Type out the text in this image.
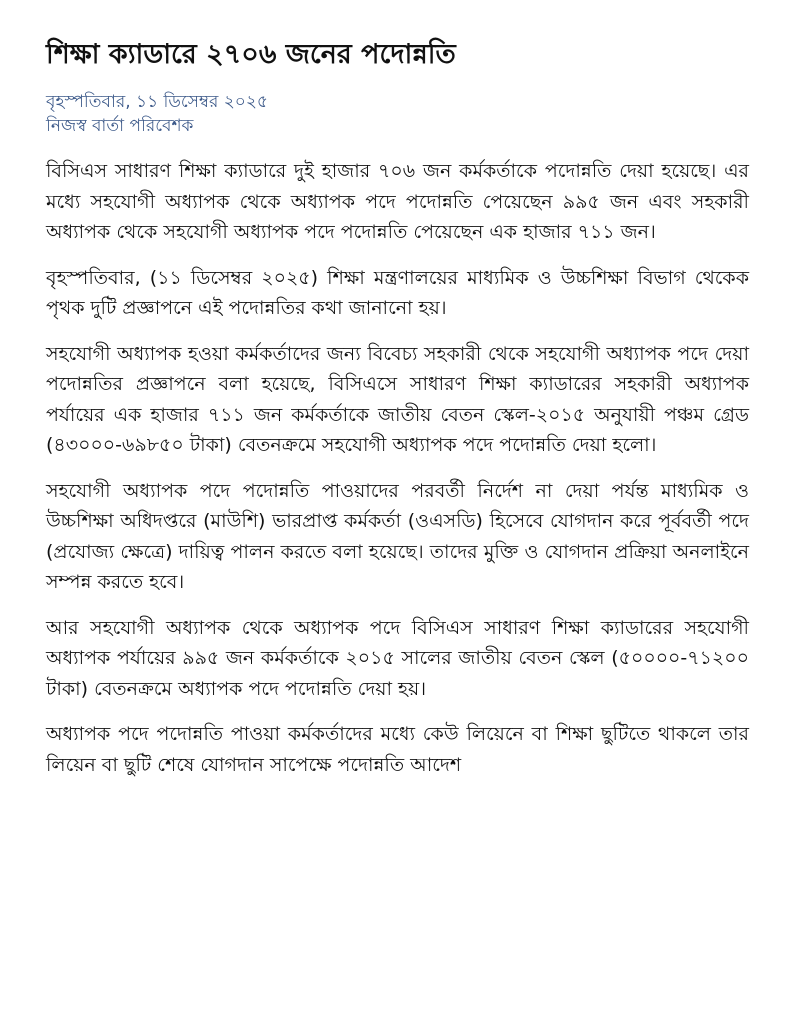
শিক্ষা ক্যাডারে ২৭০৬ জনের পদোন্নতি
বৃহস্পতিবার, ১১ ডিসেম্বর ২০২৫
নিজস্ব বার্তা পরিবেশক

বিসিএস সাধারণ শিক্ষা ক্যাডারে দুই হাজার ৭০৬ জন কর্মকর্তাকে পদোন্নতি দেয়া হয়েছে। এর মধ্যে সহযোগী অধ্যাপক থেকে অধ্যাপক পদে পদোন্নতি পেয়েছেন ৯৯৫ জন এবং সহকারী অধ্যাপক থেকে সহযোগী অধ্যাপক পদে পদোন্নতি পেয়েছেন এক হাজার ৭১১ জন।

বৃহস্পতিবার, (১১ ডিসেম্বর ২০২৫) শিক্ষা মন্ত্রণালয়ের মাধ্যমিক ও উচ্চশিক্ষা বিভাগ থেকেক পৃথক দুটি প্রজ্ঞাপনে এই পদোন্নতির কথা জানানো হয়।

সহযোগী অধ্যাপক হওয়া কর্মকর্তাদের জন্য বিবেচ্য সহকারী থেকে সহযোগী অধ্যাপক পদে দেয়া পদোন্নতির প্রজ্ঞাপনে বলা হয়েছে, বিসিএসে সাধারণ শিক্ষা ক্যাডারের সহকারী অধ্যাপক পর্যায়ের এক হাজার ৭১১ জন কর্মকর্তাকে জাতীয় বেতন স্কেল-২০১৫ অনুযায়ী পঞ্চম গ্রেড (৪৩০০০-৬৯৮৫০ টাকা) বেতনক্রমে সহযোগী অধ্যাপক পদে পদোন্নতি দেয়া হলো।

সহযোগী অধ্যাপক পদে পদোন্নতি পাওয়াদের পরবর্তী নির্দেশ না দেয়া পর্যন্ত মাধ্যমিক ও উচ্চশিক্ষা অধিদপ্তরে (মাউশি) ভারপ্রাপ্ত কর্মকর্তা (ওএসডি) হিসেবে যোগদান করে পূর্ববর্তী পদে (প্রযোজ্য ক্ষেত্রে) দায়িত্ব পালন করতে বলা হয়েছে। তাদের মুক্তি ও যোগদান প্রক্রিয়া অনলাইনে সম্পন্ন করতে হবে।

আর সহযোগী অধ্যাপক থেকে অধ্যাপক পদে বিসিএস সাধারণ শিক্ষা ক্যাডারের সহযোগী অধ্যাপক পর্যায়ের ৯৯৫ জন কর্মকর্তাকে ২০১৫ সালের জাতীয় বেতন স্কেল (৫০০০০-৭১২০০ টাকা) বেতনক্রমে অধ্যাপক পদে পদোন্নতি দেয়া হয়।

অধ্যাপক পদে পদোন্নতি পাওয়া কর্মকর্তাদের মধ্যে কেউ লিয়েনে বা শিক্ষা ছুটিতে থাকলে তার লিয়েন বা ছুটি শেষে যোগদান সাপেক্ষে পদোন্নতি আদেশ
